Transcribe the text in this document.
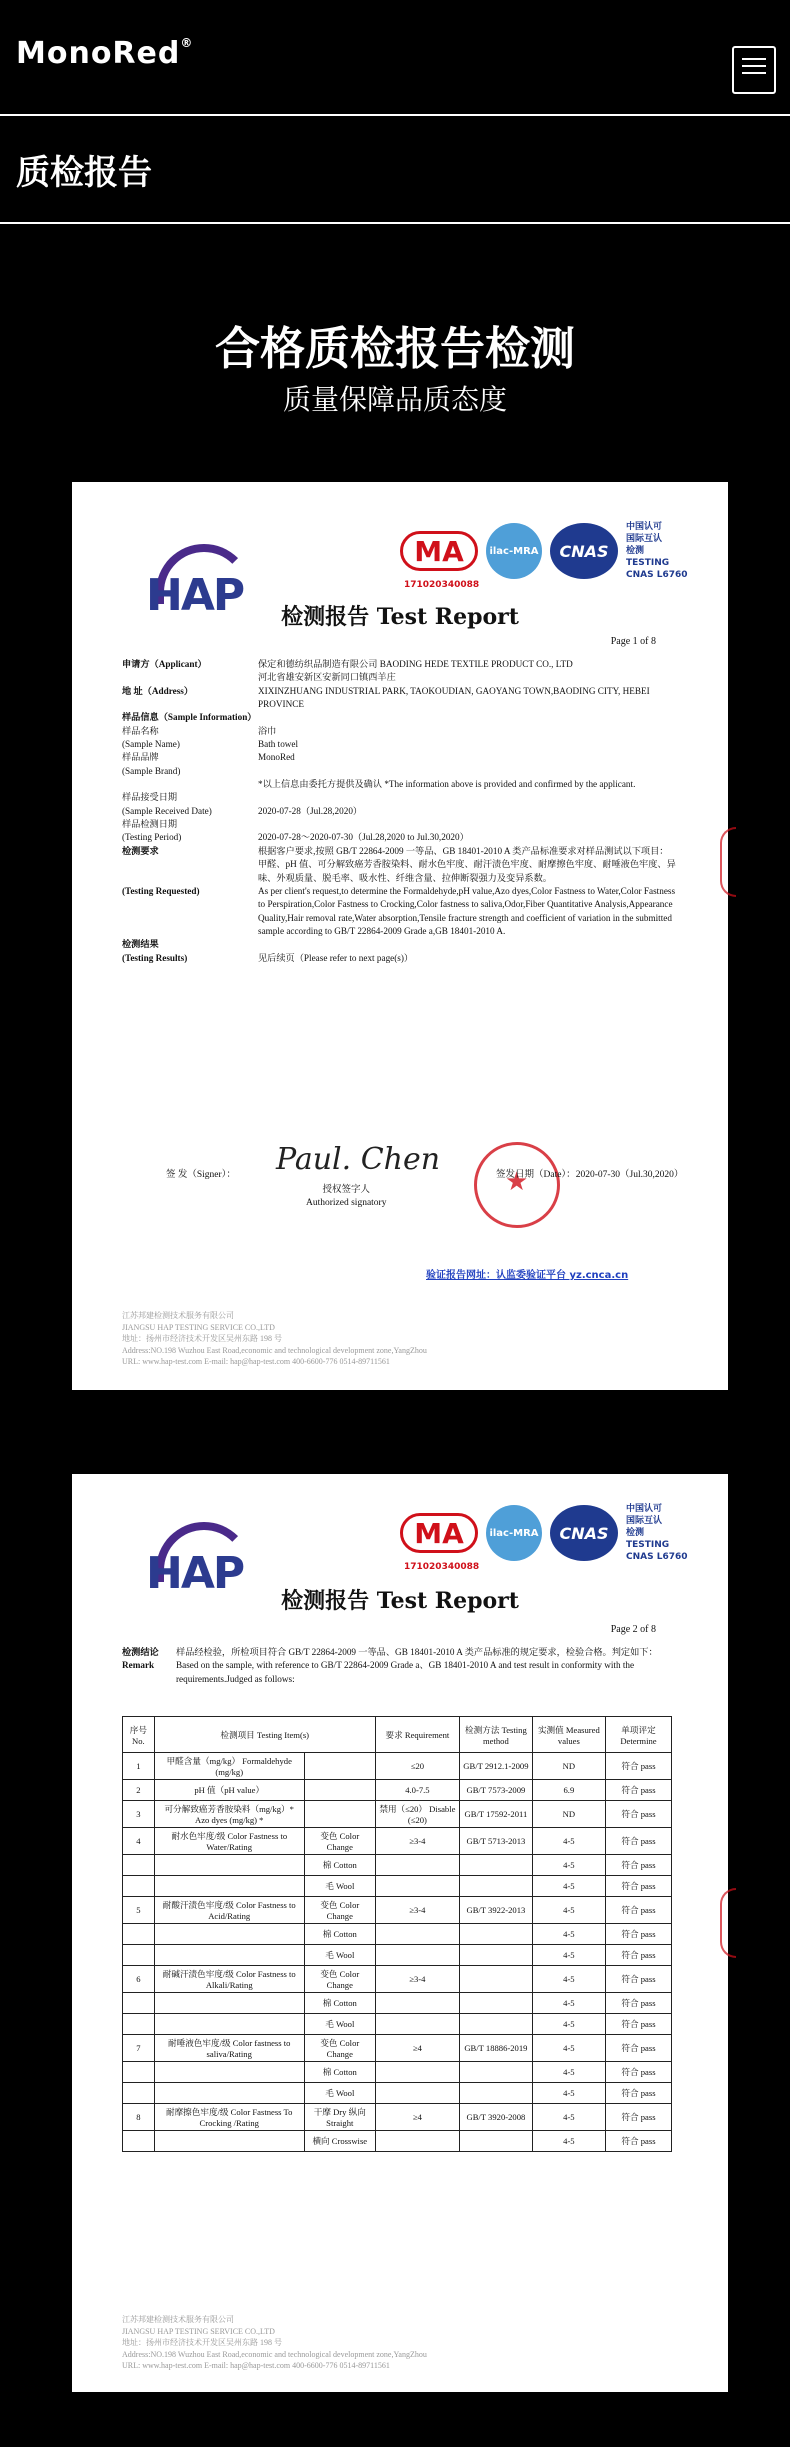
MonoRed®
质检报告
合格质检报告检测
质量保障品质态度
HAP
MA	ilac-MRA	CNAS
中国认可
国际互认
检测
TESTING
CNAS L6760
171020340088
检测报告 Test Report
Page 1 of 8
申请方（Applicant）	保定和德纺织品制造有限公司 BAODING HEDE TEXTILE PRODUCT CO., LTD
河北省雄安新区安新同口镇西羊庄
地 址（Address）	XIXINZHUANG INDUSTRIAL PARK, TAOKOUDIAN, GAOYANG TOWN,BAODING CITY, HEBEI PROVINCE
样品信息（Sample Information）
样品名称	浴巾
(Sample Name)	Bath towel
样品品牌	MonoRed
(Sample Brand)
*以上信息由委托方提供及确认 *The information above is provided and confirmed by the applicant.
样品接受日期
(Sample Received Date)	2020-07-28（Jul.28,2020）
样品检测日期
(Testing Period)	2020-07-28～2020-07-30（Jul.28,2020 to Jul.30,2020）
检测要求	根据客户要求,按照 GB/T 22864-2009 一等品、GB 18401-2010 A 类产品标准要求对样品测试以下项目：甲醛、pH 值、可分解致癌芳香胺染料、耐水色牢度、耐汗渍色牢度、耐摩擦色牢度、耐唾液色牢度、异味、外观质量、脱毛率、吸水性、纤维含量、拉伸断裂强力及变异系数。
(Testing Requested)	As per client's request,to determine the Formaldehyde,pH value,Azo dyes,Color Fastness to Water,Color Fastness to Perspiration,Color Fastness to Crocking,Color fastness to saliva,Odor,Fiber Quantitative Analysis,Appearance Quality,Hair removal rate,Water absorption,Tensile fracture strength and coefficient of variation in the submitted sample according to GB/T 22864-2009 Grade a,GB 18401-2010 A.
检测结果
(Testing Results)	见后续页（Please refer to next page(s)）
★
签 发（Signer）： Paul. Chen
授权签字人
Authorized signatory
签发日期（Date）：2020-07-30（Jul.30,2020）
验证报告网址：认监委验证平台 yz.cnca.cn
江苏邦建检测技术服务有限公司
JIANGSU HAP TESTING SERVICE CO.,LTD
地址：扬州市经济技术开发区吴州东路 198 号
Address:NO.198 Wuzhou East Road,economic and technological development zone,YangZhou
URL: www.hap-test.com E-mail: hap@hap-test.com 400-6600-776 0514-89711561
HAP
MA	ilac-MRA	CNAS
中国认可
国际互认
检测
TESTING
CNAS L6760
171020340088
检测报告 Test Report
Page 2 of 8
检测结论 Remark
样品经检验，所检项目符合 GB/T 22864-2009 一等品、GB 18401-2010 A 类产品标准的规定要求，检验合格。判定如下：Based on the sample, with reference to GB/T 22864-2009 Grade a、GB 18401-2010 A and test result in conformity with the requirements.Judged as follows:
序号 No.	检测项目 Testing Item(s)		要求 Requirement	检测方法 Testing method	实测值 Measured values	单项评定 Determine
1	甲醛含量（mg/kg） Formaldehyde (mg/kg)		≤20	GB/T 2912.1-2009	ND	符合 pass
2	pH 值（pH value）		4.0-7.5	GB/T 7573-2009	6.9	符合 pass
3	可分解致癌芳香胺染料（mg/kg）* Azo dyes (mg/kg) *		禁用（≤20） Disable (≤20)	GB/T 17592-2011	ND	符合 pass
4	耐水色牢度/级 Color Fastness to Water/Rating	变色 Color Change	≥3-4	GB/T 5713-2013	4-5	符合 pass
		棉 Cotton			4-5	符合 pass
		毛 Wool			4-5	符合 pass
5	耐酸汗渍色牢度/级 Color Fastness to Acid/Rating	变色 Color Change	≥3-4	GB/T 3922-2013	4-5	符合 pass
		棉 Cotton			4-5	符合 pass
		毛 Wool			4-5	符合 pass
6	耐碱汗渍色牢度/级 Color Fastness to Alkali/Rating	变色 Color Change	≥3-4		4-5	符合 pass
		棉 Cotton			4-5	符合 pass
		毛 Wool			4-5	符合 pass
7	耐唾液色牢度/级 Color fastness to saliva/Rating	变色 Color Change	≥4	GB/T 18886-2019	4-5	符合 pass
		棉 Cotton			4-5	符合 pass
		毛 Wool			4-5	符合 pass
8	耐摩擦色牢度/级 Color Fastness To Crocking /Rating	干摩 Dry 纵向 Straight	≥4	GB/T 3920-2008	4-5	符合 pass
		横向 Crosswise			4-5	符合 pass
江苏邦建检测技术服务有限公司
JIANGSU HAP TESTING SERVICE CO.,LTD
地址：扬州市经济技术开发区吴州东路 198 号
Address:NO.198 Wuzhou East Road,economic and technological development zone,YangZhou
URL: www.hap-test.com E-mail: hap@hap-test.com 400-6600-776 0514-89711561
